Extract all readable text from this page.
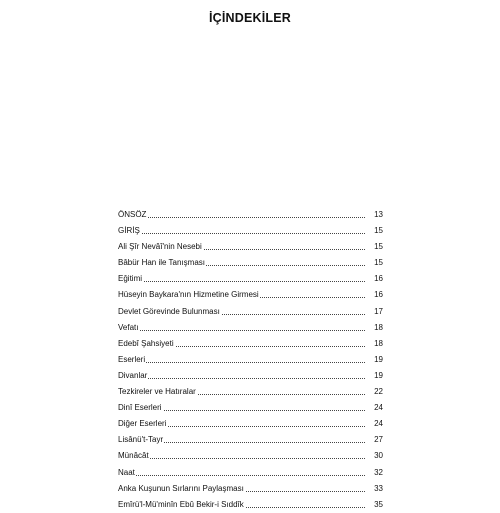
İÇİNDEKİLER
ÖNSÖZ	13
GİRİŞ	15
Ali Şîr Nevâî'nin Nesebi	15
Bâbür Han ile Tanışması	15
Eğitimi	16
Hüseyin Baykara'nın Hizmetine Girmesi	16
Devlet Görevinde Bulunması	17
Vefatı	18
Edebî Şahsiyeti	18
Eserleri	19
Divanlar	19
Tezkireler ve Hatıralar	22
Dinî Eserleri	24
Diğer Eserleri	24
Lisânü't-Tayr	27
Münâcât	30
Naat	32
Anka Kuşunun Sırlarını Paylaşması	33
Emîrü'l-Mü'minîn Ebû Bekir-i Sıddîk	35
